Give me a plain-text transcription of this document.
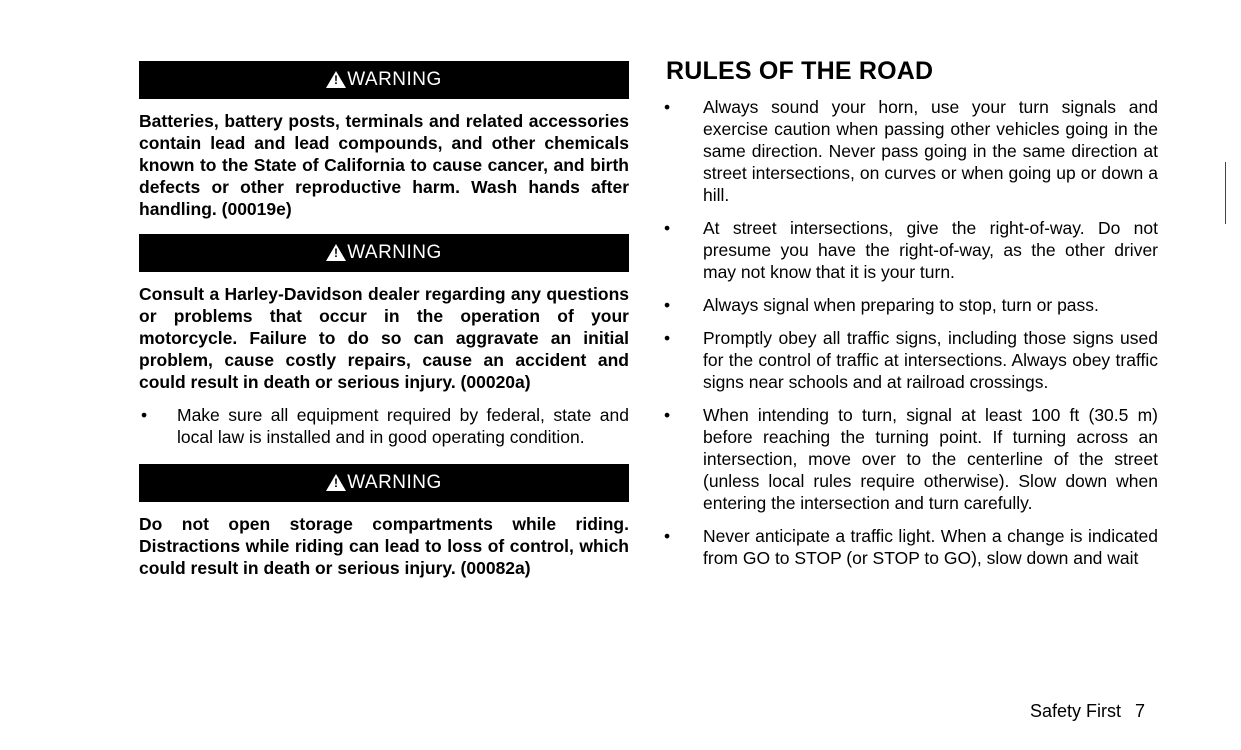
! WARNING
Batteries, battery posts, terminals and related accessories contain lead and lead compounds, and other chemicals known to the State of California to cause cancer, and birth defects or other reproductive harm. Wash hands after handling. (00019e)
! WARNING
Consult a Harley-Davidson dealer regarding any questions or problems that occur in the operation of your motorcycle. Failure to do so can aggravate an initial problem, cause costly repairs, cause an accident and could result in death or serious injury. (00020a)
•	Make sure all equipment required by federal, state and local law is installed and in good operating condition.
! WARNING
Do not open storage compartments while riding. Distractions while riding can lead to loss of control, which could result in death or serious injury. (00082a)
RULES OF THE ROAD
•	Always sound your horn, use your turn signals and exercise caution when passing other vehicles going in the same direction. Never pass going in the same direction at street intersections, on curves or when going up or down a hill.
•	At street intersections, give the right-of-way. Do not presume you have the right-of-way, as the other driver may not know that it is your turn.
•	Always signal when preparing to stop, turn or pass.
•	Promptly obey all traffic signs, including those signs used for the control of traffic at intersections. Always obey traffic signs near schools and at railroad crossings.
•	When intending to turn, signal at least 100 ft (30.5 m) before reaching the turning point. If turning across an intersection, move over to the centerline of the street (unless local rules require otherwise). Slow down when entering the intersection and turn carefully.
•	Never anticipate a traffic light. When a change is indicated from GO to STOP (or STOP to GO), slow down and wait
Safety First 7
